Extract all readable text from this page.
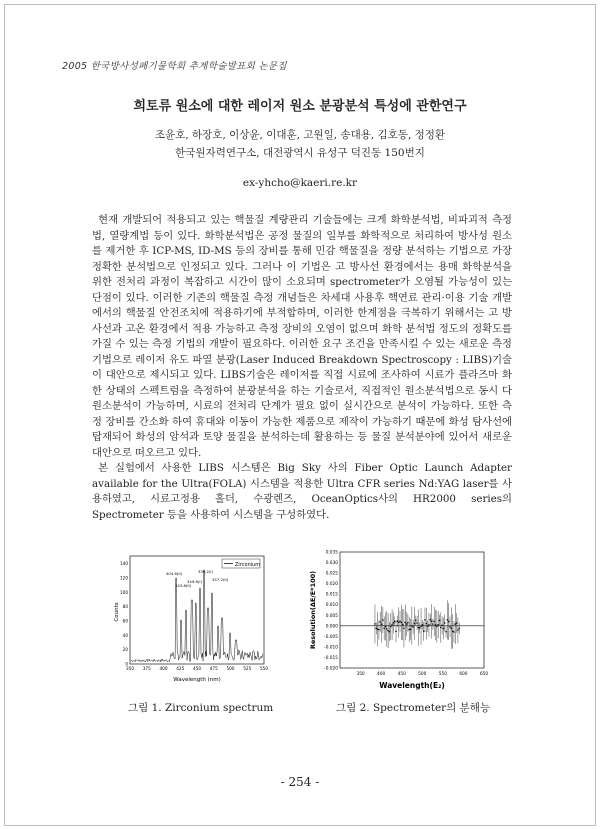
2005 한국방사성폐기물학회 추계학술발표회 논문집
희토류 원소에 대한 레이저 원소 분광분석 특성에 관한연구
조윤호, 하장호, 이상윤, 이대훈, 고원일, 송대용, 김호동, 정정환
한국원자력연구소, 대전광역시 유성구 덕진동 150번지
ex-yhcho@kaeri.re.kr

현재 개발되어 적용되고 있는 핵물질 계량관리 기술들에는 크게 화학분석법, 비파괴적 측정법, 열량계법 등이 있다. 화학분석법은 공정 물질의 일부를 화학적으로 처리하여 방사성 원소를 제거한 후 ICP-MS, ID-MS 등의 장비를 통해 민감 핵물질을 정량 분석하는 기법으로 가장 정확한 분석법으로 인정되고 있다. 그러나 이 기법은 고 방사선 환경에서는 용매 화학분석을 위한 전처리 과정이 복잡하고 시간이 많이 소요되며 spectrometer가 오염될 가능성이 있는 단점이 있다. 이러한 기존의 핵물질 측정 개념들은 차세대 사용후 핵연료 관리·이용 기술 개발에서의 핵물질 안전조치에 적용하기에 부적합하며, 이러한 한계점을 극복하기 위해서는 고 방사선과 고온 환경에서 적용 가능하고 측정 장비의 오염이 없으며 화학 분석법 정도의 정확도를 가질 수 있는 측정 기법의 개발이 필요하다. 이러한 요구 조건을 만족시킬 수 있는 새로운 측정 기법으로 레이저 유도 파열 분광(Laser Induced Breakdown Spectroscopy : LIBS)기술이 대안으로 제시되고 있다. LIBS기술은 레이저를 직접 시료에 조사하여 시료가 플라즈마 화한 상태의 스펙트럼을 측정하여 분광분석을 하는 기술로서, 직접적인 원소분석법으로 동시 다원소분석이 가능하며, 시료의 전처리 단계가 필요 없이 실시간으로 분석이 가능하다. 또한 측정 장비를 간소화 하여 휴대와 이동이 가능한 제품으로 제작이 가능하기 때문에 화성 탐사선에 탑재되어 화성의 암석과 토양 물질을 분석하는데 활용하는 등 물질 분석분야에 있어서 새로운 대안으로 떠오르고 있다.

본 실험에서 사용한 LIBS 시스템은 Big Sky 사의 Fiber Optic Launch Adapter available for the Ultra(FOLA) 시스템을 적용한 Ultra CFR series Nd:YAG laser를 사용하였고, 시료고정용 홀더, 수광렌즈, OceanOptics사의 HR2000 series의 Spectrometer 등을 사용하여 시스템을 구성하였다.

Zirconium
404.6(II)	339.2(I)
343.8(II)
349.6(I)	357.2(II)
0
20
40
60
80
100
120
140
350 375 400 425 450 475 500 525 550
Wavelength (nm)
Counts
0.035
0.030
0.025
0.020
0.015
0.010
0.005
0.000
-0.005
-0.010
-0.015
-0.020
350	400	450	500	550	600	650
Wavelength(E₂)
Resolution(ΔE/E*100)
그림 1. Zirconium spectrum	그림 2. Spectrometer의 분해능
- 254 -
